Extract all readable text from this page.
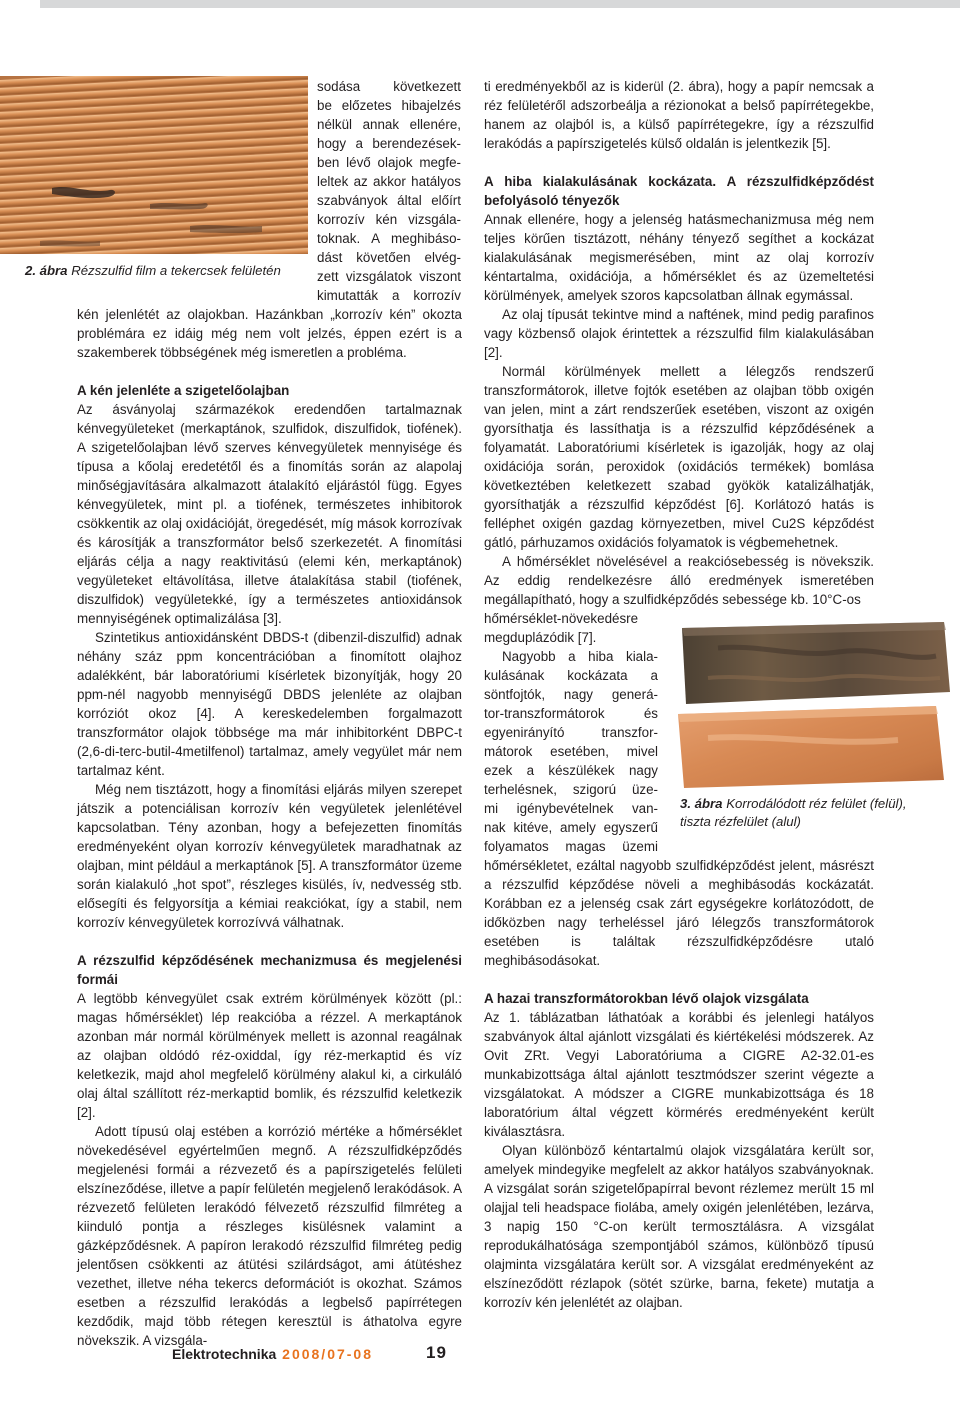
2. ábra Rézszulfid film a tekercsek felületén
sodása következett
be előzetes hibajelzés
nélkül annak ellenére,
hogy a berendezések-
ben lévő olajok megfe-
leltek az akkor hatályos
szabványok által előírt
korrozív kén vizsgála-
toknak. A meghibáso-
dást követően elvég-
zett vizsgálatok viszont
kimutatták a korrozív

kén jelenlétét az olajokban. Hazánkban „korrozív kén” okozta problémára ez idáig még nem volt jelzés, éppen ezért is a szakemberek többségének még ismeretlen a probléma.

A kén jelenléte a szigetelőolajban

Az ásványolaj származékok eredendően tartalmaznak kénvegyületeket (merkaptánok, szulfidok, diszulfidok, tiofének). A szigetelőolajban lévő szerves kénvegyületek mennyisége és típusa a kőolaj eredetétől és a finomítás során az alapolaj minőségjavítására alkalmazott átalakító eljárástól függ. Egyes kénvegyületek, mint pl. a tiofének, természetes inhibitorok csökkentik az olaj oxidációját, öregedését, míg mások korrozívak és károsítják a transzformátor belső szerkezetét. A finomítási eljárás célja a nagy reaktivitású (elemi kén, merkaptánok) vegyületeket eltávolítása, illetve átalakítása stabil (tiofének, diszulfidok) vegyületekké, így a természetes antioxidánsok mennyiségének optimalizálása [3].

Szintetikus antioxidánsként DBDS-t (dibenzil-diszulfid) adnak néhány száz ppm koncentrációban a finomított olajhoz adalékként, bár laboratóriumi kísérletek bizonyítják, hogy 20 ppm-nél nagyobb mennyiségű DBDS jelenléte az olajban korróziót okoz [4]. A kereskedelemben forgalmazott transzformátor olajok többsége ma már inhibitorként DBPC-t (2,6-di-terc-butil-4metilfenol) tartalmaz, amely vegyület már nem tartalmaz ként.

Még nem tisztázott, hogy a finomítási eljárás milyen szerepet játszik a potenciálisan korrozív kén vegyületek jelenlétével kapcsolatban. Tény azonban, hogy a befejezetten finomítás eredményeként olyan korrozív kénvegyületek maradhatnak az olajban, mint például a merkaptánok [5]. A transzformátor üzeme során kialakuló „hot spot”, részleges kisülés, ív, nedvesség stb. elősegíti és felgyorsítja a kémiai reakciókat, így a stabil, nem korrozív kénvegyületek korrozívvá válhatnak.

A rézszulfid képződésének mechanizmusa és megjelenési formái

A legtöbb kénvegyület csak extrém körülmények között (pl.: magas hőmérséklet) lép reakcióba a rézzel. A merkaptánok azonban már normál körülmények mellett is azonnal reagálnak az olajban oldódó réz-oxiddal, így réz-merkaptid és víz keletkezik, majd ahol megfelelő körülmény alakul ki, a cirkuláló olaj által szállított réz-merkaptid bomlik, és rézszulfid keletkezik [2].

Adott típusú olaj estében a korrózió mértéke a hőmérséklet növekedésével egyértelműen megnő. A rézszulfidképződés megjelenési formái a rézvezető és a papírszigetelés felületi elszíneződése, illetve a papír felületén megjelenő lerakódások. A rézvezető felületen lerakódó félvezető rézszulfid filmréteg a kiinduló pontja a részleges kisülésnek valamint a gázképződésnek. A papíron lerakodó rézszulfid filmréteg pedig jelentősen csökkenti az átütési szilárdságot, ami átütéshez vezethet, illetve néha tekercs deformációt is okozhat. Számos esetben a rézszulfid lerakódás a legbelső papírrétegen kezdődik, majd több rétegen keresztül is áthatolva egyre növekszik. A vizsgála-

ti eredményekből az is kiderül (2. ábra), hogy a papír nemcsak a réz felületéről adszorbeálja a rézionokat a belső papírrétegekbe, hanem az olajból is, a külső papírrétegekre, így a rézszulfid lerakódás a papírszigetelés külső oldalán is jelentkezik [5].

A hiba kialakulásának kockázata. A rézszulfidképződést befolyásoló tényezők

Annak ellenére, hogy a jelenség hatásmechanizmusa még nem teljes körűen tisztázott, néhány tényező segíthet a kockázat kialakulásának megismerésében, mint az olaj korrozív kéntartalma, oxidációja, a hőmérséklet és az üzemeltetési körülmények, amelyek szoros kapcsolatban állnak egymással.

Az olaj típusát tekintve mind a naftének, mind pedig parafinos vagy közbenső olajok érintettek a rézszulfid film kialakulásában [2].

Normál körülmények mellett a lélegzős rendszerű transzformátorok, illetve fojtók esetében az olajban több oxigén van jelen, mint a zárt rendszerűek esetében, viszont az oxigén gyorsíthatja és lassíthatja is a rézszulfid képződésének a folyamatát. Laboratóriumi kísérletek is igazolják, hogy az olaj oxidációja során, peroxidok (oxidációs termékek) bomlása következtében keletkezett szabad gyökök katalizálhatják, gyorsíthatják a rézszulfid képződést [6]. Korlátozó hatás is felléphet oxigén gazdag környezetben, mivel Cu2S képződést gátló, párhuzamos oxidációs folyamatok is végbemehetnek.

A hőmérséklet növelésével a reakciósebesség is növekszik. Az eddig rendelkezésre álló eredmények ismeretében megállapítható, hogy a szulfidképződés sebessége kb. 10°C-os

hőmérséklet-növekedésre
megduplázódik [7].
Nagyobb a hiba kiala-
kulásának kockázata a
söntfojtók, nagy generá-
tor-transzformátorok és
egyenirányító transzfor-
mátorok esetében, mivel
ezek a készülékek nagy
terhelésnek, szigorú üze-
mi igénybevételnek van-
nak kitéve, amely egyszerű
folyamatos magas üzemi
3. ábra Korrodálódott réz felület (felül),
tiszta rézfelület (alul)

hőmérsékletet, ezáltal nagyobb szulfidképződést jelent, másrészt a rézszulfid képződése növeli a meghibásodás kockázatát. Korábban ez a jelenség csak zárt egységekre korlátozódott, de időközben nagy terheléssel járó lélegzős transzformátorok esetében is találtak rézszulfidképződésre utaló meghibásodásokat.

A hazai transzformátorokban lévő olajok vizsgálata

Az 1. táblázatban láthatóak a korábbi és jelenlegi hatályos szabványok által ajánlott vizsgálati és kiértékelési módszerek. Az Ovit ZRt. Vegyi Laboratóriuma a CIGRE A2-32.01-es munkabizottsága által ajánlott tesztmódszer szerint végezte a vizsgálatokat. A módszer a CIGRE munkabizottsága és 18 laboratórium által végzett körmérés eredményeként került kiválasztásra.

Olyan különböző kéntartalmú olajok vizsgálatára került sor, amelyek mindegyike megfelelt az akkor hatályos szabványoknak. A vizsgálat során szigetelőpapírral bevont rézlemez merült 15 ml olajjal teli headspace fiolába, amely oxigén jelenlétében, lezárva, 3 napig 150 °C-on került termosztálásra. A vizsgálat reprodukálhatósága szempontjából számos, különböző típusú olajminta vizsgálatára került sor. A vizsgálat eredményeként az elszíneződött rézlapok (sötét szürke, barna, fekete) mutatja a korrozív kén jelenlétét az olajban.

Elektrotechnika 2008/07-08	19
